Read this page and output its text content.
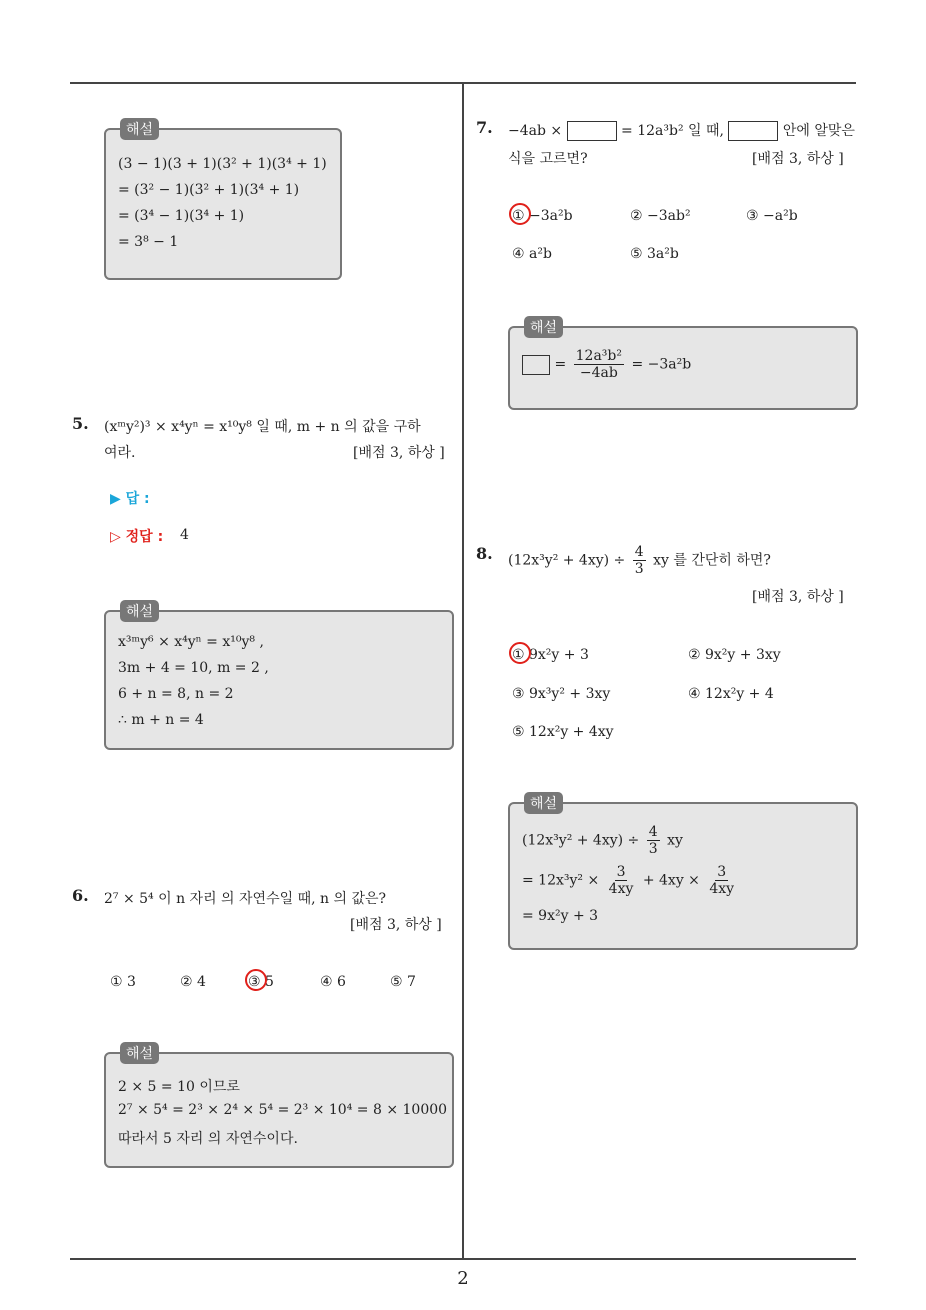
해설
(3 − 1)(3 + 1)(3² + 1)(3⁴ + 1)
= (3² − 1)(3² + 1)(3⁴ + 1)
= (3⁴ − 1)(3⁴ + 1)
= 3⁸ − 1
5. (xᵐy²)³ × x⁴yⁿ = x¹⁰y⁸ 일 때, m + n 의 값을 구하
여라.	[배점 3, 하상 ]
▶ 답 :
▷ 정답 : 4
해설
x³ᵐy⁶ × x⁴yⁿ = x¹⁰y⁸ ,
3m + 4 = 10, m = 2 ,
6 + n = 8, n = 2
∴ m + n = 4
6. 2⁷ × 5⁴ 이 n 자리 의 자연수일 때, n 의 값은?
[배점 3, 하상 ]
① 3	② 4	③ 5	④ 6	⑤ 7
해설
2 × 5 = 10 이므로
2⁷ × 5⁴ = 2³ × 2⁴ × 5⁴ = 2³ × 10⁴ = 8 × 10000
따라서 5 자리 의 자연수이다.
7. −4ab ×	= 12a³b² 일 때,	안에 알맞은
식을 고르면?	[배점 3, 하상 ]
① −3a²b	② −3ab²	③ −a²b
④ a²b	⑤ 3a²b
해설
= $\frac{\text{12a³b²}}{-4ab} = -3a^2b$
8. $(12x^3y^2 + 4xy) \div \frac{4}{3}$ xy 를 간단히 하면?
[배점 3, 하상 ]
① 9x²y + 3	② 9x²y + 3xy
③ 9x³y² + 3xy	④ 12x²y + 4
⑤ 12x²y + 4xy
해설
$(12x^3y^2 + 4xy) \div \frac{4}{3}$ xy
= $12x^3y^2 \times \frac{3}{4xy} + 4xy \times \frac{3}{4xy}$
= 9x²y + 3
2
